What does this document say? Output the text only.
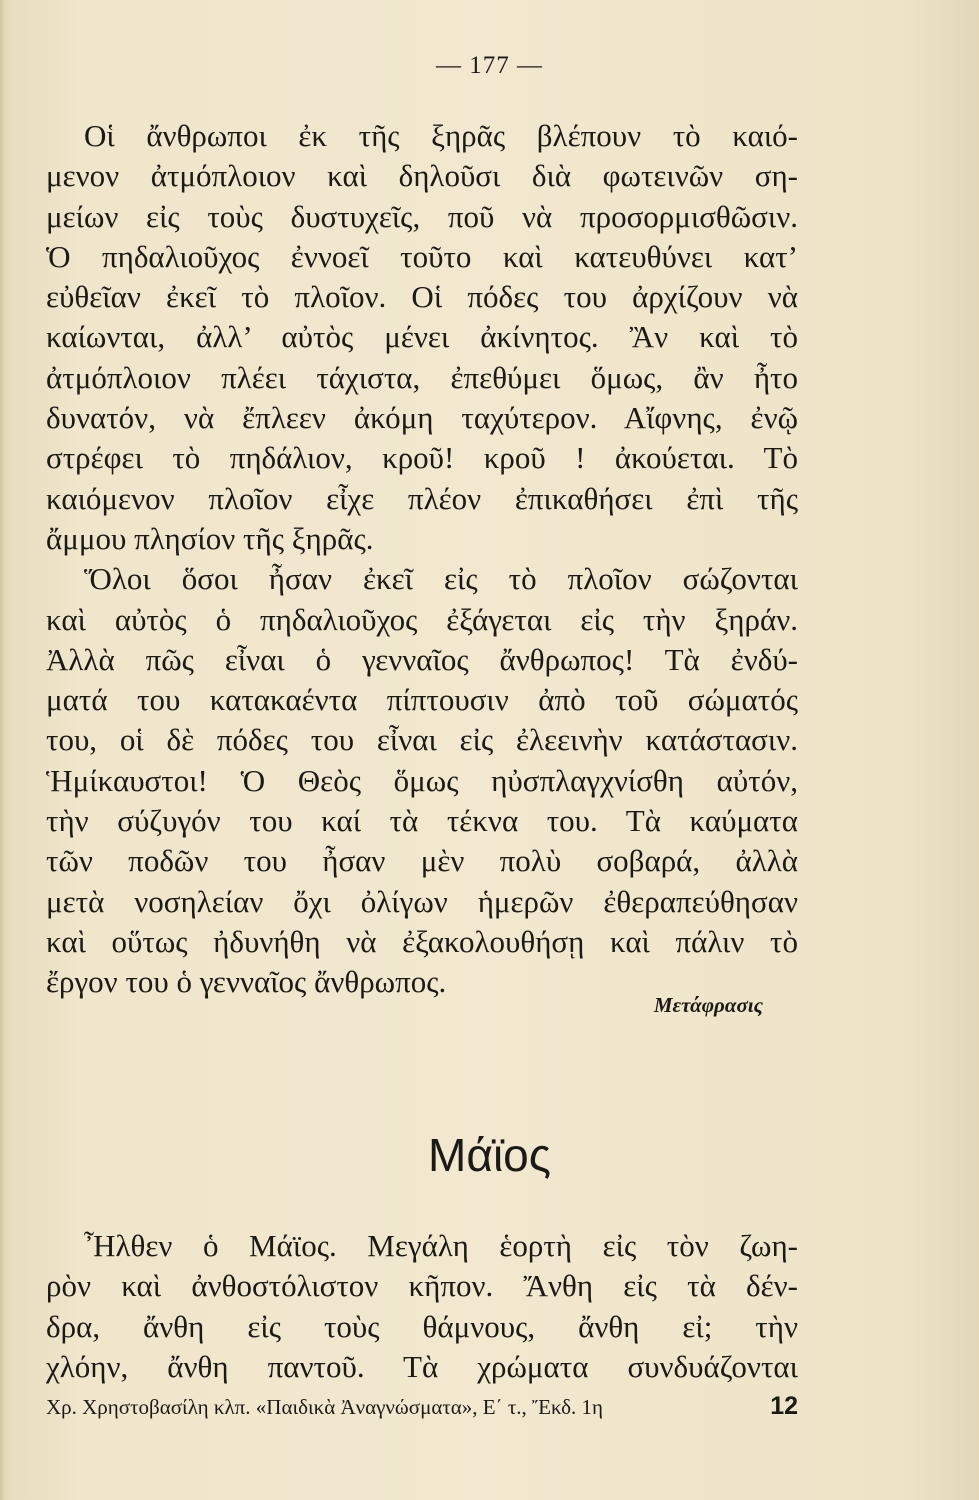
— 177 —
Οἱ ἄνθρωποι ἐκ τῆς ξηρᾶς βλέπουν τὸ καιό-
μενον ἀτμόπλοιον καὶ δηλοῦσι διὰ φωτεινῶν ση-
μείων εἰς τοὺς δυστυχεῖς, ποῦ νὰ προσορμισθῶσιν.
Ὁ πηδαλιοῦχος ἐννοεῖ τοῦτο καὶ κατευθύνει κατ’
εὐθεῖαν ἐκεῖ τὸ πλοῖον. Οἱ πόδες του ἀρχίζουν νὰ
καίωνται, ἀλλ’ αὐτὸς μένει ἀκίνητος. Ἂν καὶ τὸ
ἀτμόπλοιον πλέει τάχιστα, ἐπεθύμει ὅμως, ἂν ἦτο
δυνατόν, νὰ ἔπλεεν ἀκόμη ταχύτερον. Αἴφνης, ἐνῷ
στρέφει τὸ πηδάλιον, κροῦ! κροῦ ! ἀκούεται. Τὸ
καιόμενον πλοῖον εἶχε πλέον ἐπικαθήσει ἐπὶ τῆς
ἄμμου πλησίον τῆς ξηρᾶς.
Ὅλοι ὅσοι ἦσαν ἐκεῖ εἰς τὸ πλοῖον σώζονται
καὶ αὐτὸς ὁ πηδαλιοῦχος ἐξάγεται εἰς τὴν ξηράν.
Ἀλλὰ πῶς εἶναι ὁ γενναῖος ἄνθρωπος! Τὰ ἐνδύ-
ματά του κατακαέντα πίπτουσιν ἀπὸ τοῦ σώματός
του, οἱ δὲ πόδες του εἶναι εἰς ἐλεεινὴν κατάστασιν.
Ἡμίκαυστοι! Ὁ Θεὸς ὅμως ηὐσπλαγχνίσθη αὐτόν,
τὴν σύζυγόν του καί τὰ τέκνα του. Τὰ καύματα
τῶν ποδῶν του ἦσαν μὲν πολὺ σοβαρά, ἀλλὰ
μετὰ νοσηλείαν ὄχι ὀλίγων ἡμερῶν ἐθεραπεύθησαν
καὶ οὕτως ἠδυνήθη νὰ ἐξακολουθήσῃ καὶ πάλιν τὸ
ἔργον του ὁ γενναῖος ἄνθρωπος.
Μετάφρασις
Μάϊος
Ἦλθεν ὁ Μάϊος. Μεγάλη ἑορτὴ εἰς τὸν ζωη-
ρὸν καὶ ἀνθοστόλιστον κῆπον. Ἄνθη εἰς τὰ δέν-
δρα, ἄνθη εἰς τοὺς θάμνους, ἄνθη εἰ; τὴν
χλόην, ἄνθη παντοῦ. Τὰ χρώματα συνδυάζονται
Χρ. Χρηστοβασίλη κλπ. «Παιδικὰ Ἀναγνώσματα», Ε΄ τ., Ἔκδ. 1η	12
